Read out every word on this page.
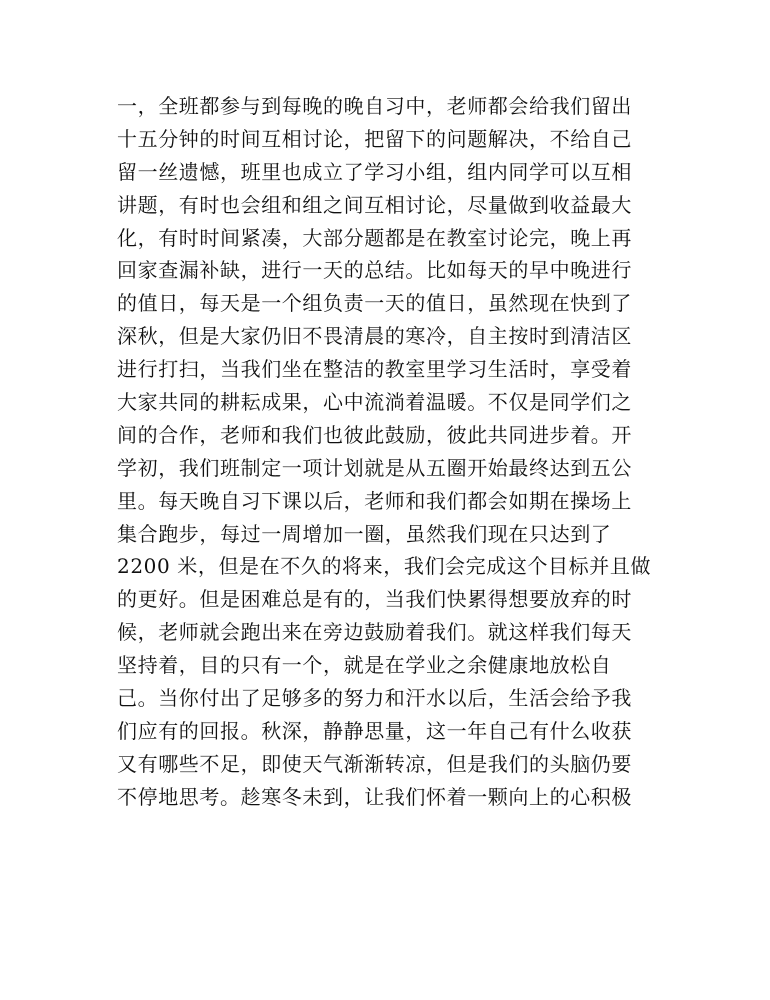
一，全班都参与到每晚的晚自习中，老师都会给我们留出
十五分钟的时间互相讨论，把留下的问题解决，不给自己
留一丝遗憾，班里也成立了学习小组，组内同学可以互相
讲题，有时也会组和组之间互相讨论，尽量做到收益最大
化，有时时间紧凑，大部分题都是在教室讨论完，晚上再
回家查漏补缺，进行一天的总结。比如每天的早中晚进行
的值日，每天是一个组负责一天的值日，虽然现在快到了
深秋，但是大家仍旧不畏清晨的寒冷，自主按时到清洁区
进行打扫，当我们坐在整洁的教室里学习生活时，享受着
大家共同的耕耘成果，心中流淌着温暖。不仅是同学们之
间的合作，老师和我们也彼此鼓励，彼此共同进步着。开
学初，我们班制定一项计划就是从五圈开始最终达到五公
里。每天晚自习下课以后，老师和我们都会如期在操场上
集合跑步，每过一周增加一圈，虽然我们现在只达到了
2200 米，但是在不久的将来，我们会完成这个目标并且做
的更好。但是困难总是有的，当我们快累得想要放弃的时
候，老师就会跑出来在旁边鼓励着我们。就这样我们每天
坚持着，目的只有一个，就是在学业之余健康地放松自
己。当你付出了足够多的努力和汗水以后，生活会给予我
们应有的回报。秋深，静静思量，这一年自己有什么收获
又有哪些不足，即使天气渐渐转凉，但是我们的头脑仍要
不停地思考。趁寒冬未到，让我们怀着一颗向上的心积极
